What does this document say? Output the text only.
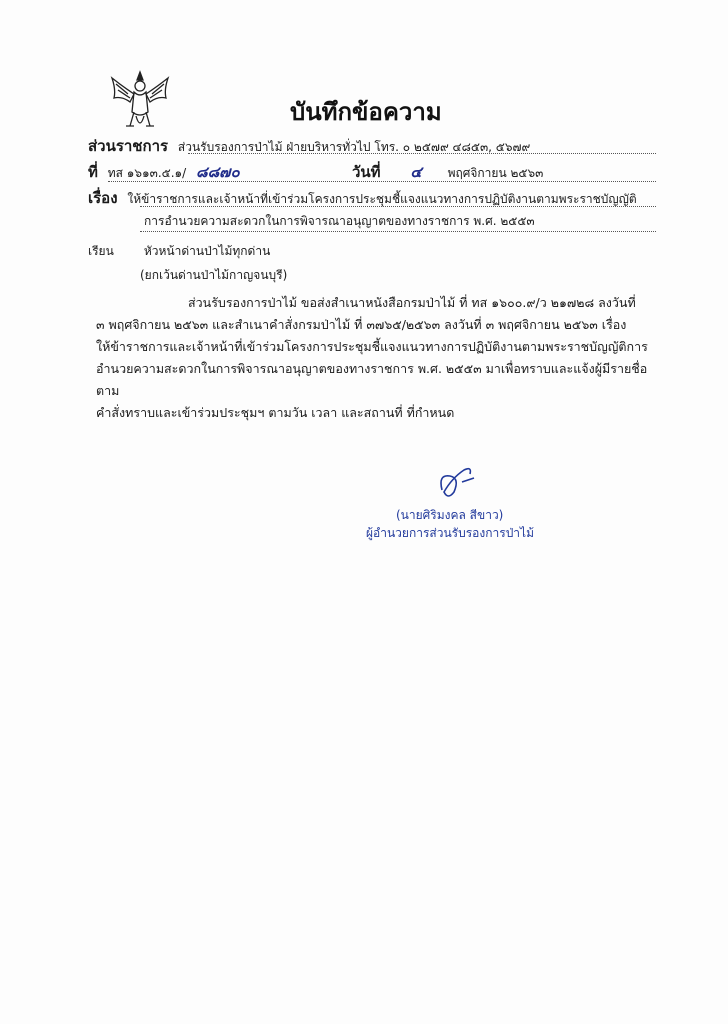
บันทึกข้อความ
ส่วนราชการ ส่วนรับรองการป่าไม้ ฝ่ายบริหารทั่วไป โทร. ๐ ๒๕๗๙ ๔๘๕๓, ๕๖๗๙
ที่ ทส ๑๖๑๓.๕.๑/ ๘๘๗๐	วันที่ ๔ พฤศจิกายน ๒๕๖๓
เรื่อง ให้ข้าราชการและเจ้าหน้าที่เข้าร่วมโครงการประชุมชี้แจงแนวทางการปฏิบัติงานตามพระราชบัญญัติ
การอำนวยความสะดวกในการพิจารณาอนุญาตของทางราชการ พ.ศ. ๒๕๕๓
เรียน	หัวหน้าด่านป่าไม้ทุกด่าน
(ยกเว้นด่านป่าไม้กาญจนบุรี)
ส่วนรับรองการป่าไม้ ขอส่งสำเนาหนังสือกรมป่าไม้ ที่ ทส ๑๖๐๐.๙/ว ๒๑๗๒๘ ลงวันที่
๓ พฤศจิกายน ๒๕๖๓ และสำเนาคำสั่งกรมป่าไม้ ที่ ๓๗๖๕/๒๕๖๓ ลงวันที่ ๓ พฤศจิกายน ๒๕๖๓ เรื่อง
ให้ข้าราชการและเจ้าหน้าที่เข้าร่วมโครงการประชุมชี้แจงแนวทางการปฏิบัติงานตามพระราชบัญญัติการ
อำนวยความสะดวกในการพิจารณาอนุญาตของทางราชการ พ.ศ. ๒๕๕๓ มาเพื่อทราบและแจ้งผู้มีรายชื่อตาม
คำสั่งทราบและเข้าร่วมประชุมฯ ตามวัน เวลา และสถานที่ ที่กำหนด
(นายศิริมงคล สีขาว)
ผู้อำนวยการส่วนรับรองการป่าไม้
